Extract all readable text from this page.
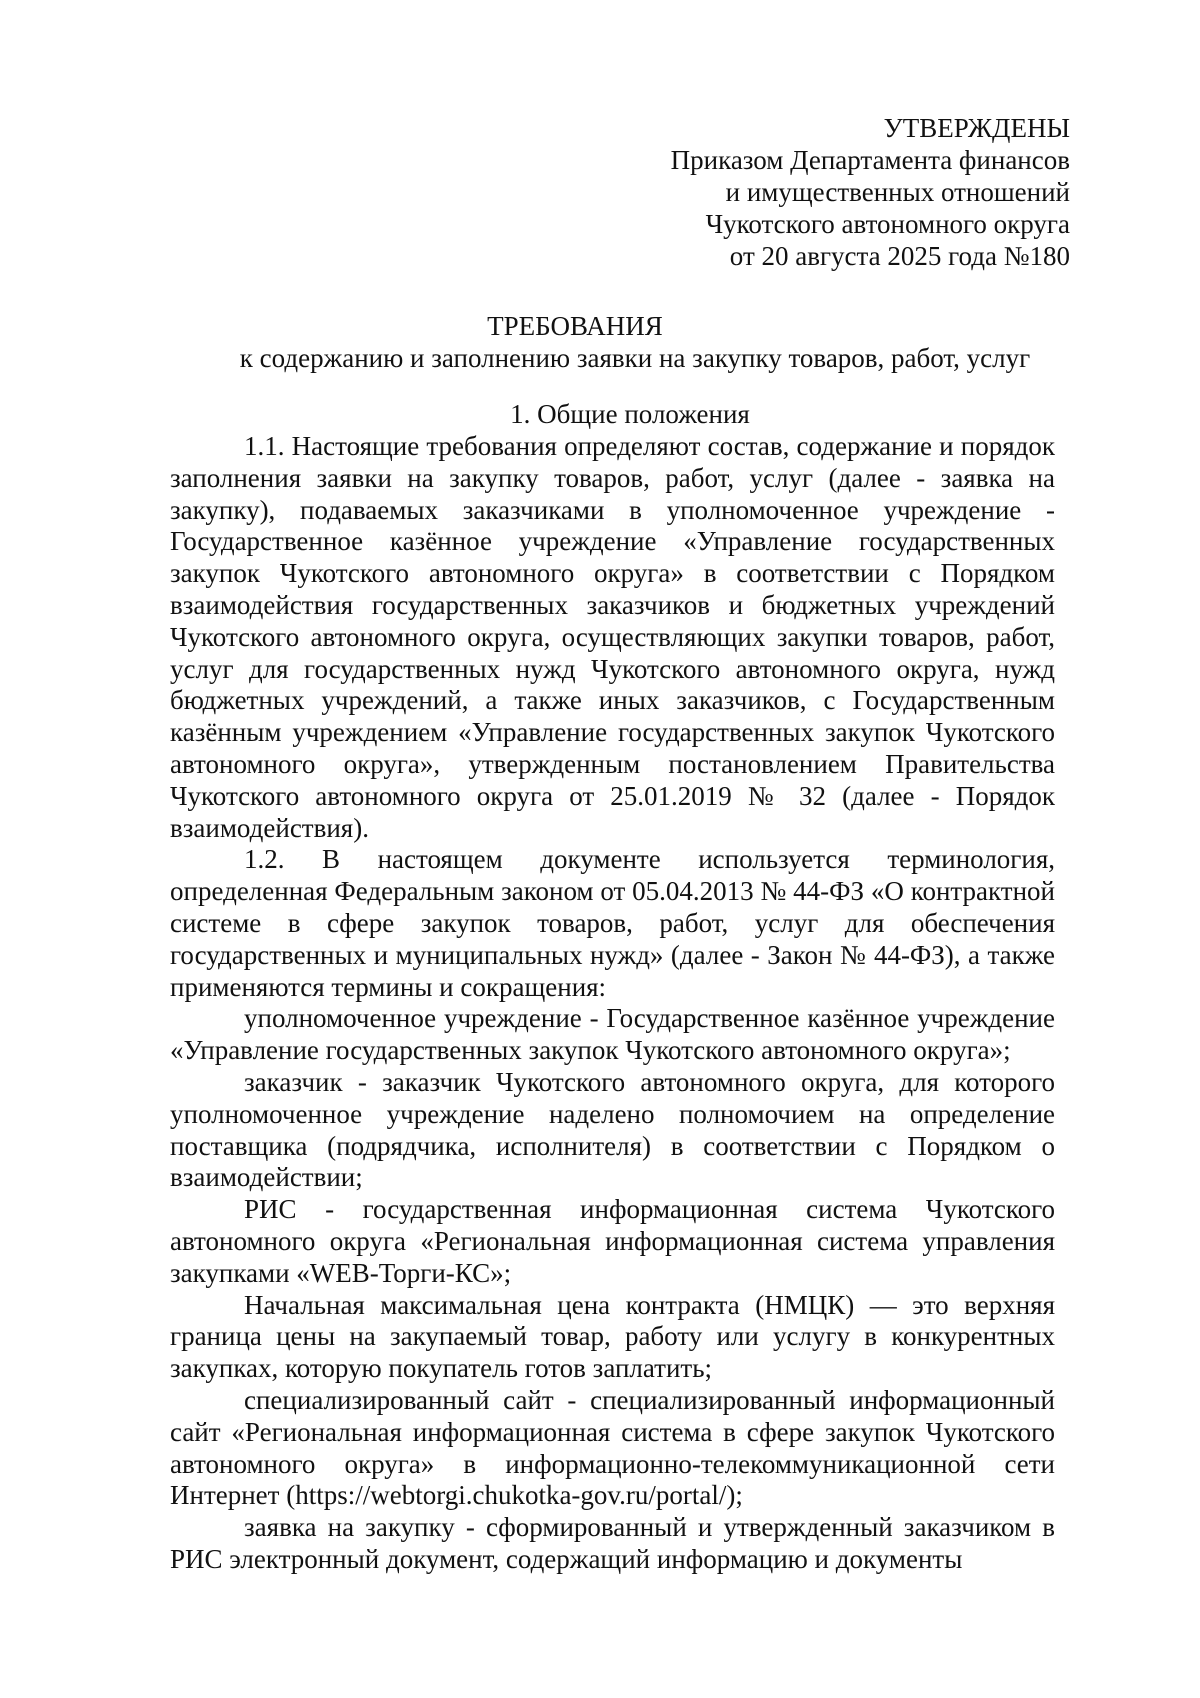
УТВЕРЖДЕНЫ
Приказом Департамента финансов
и имущественных отношений
Чукотского автономного округа
от 20 августа 2025 года №180
ТРЕБОВАНИЯ
к содержанию и заполнению заявки на закупку товаров, работ, услуг
1. Общие положения

1.1. Настоящие требования определяют состав, содержание и порядок заполнения заявки на закупку товаров, работ, услуг (далее - заявка на закупку), подаваемых заказчиками в уполномоченное учреждение - Государственное казённое учреждение «Управление государственных закупок Чукотского автономного округа» в соответствии с Порядком взаимодействия государственных заказчиков и бюджетных учреждений Чукотского автономного округа, осуществляющих закупки товаров, работ, услуг для государственных нужд Чукотского автономного округа, нужд бюджетных учреждений, а также иных заказчиков, с Государственным казённым учреждением «Управление государственных закупок Чукотского автономного округа», утвержденным постановлением Правительства Чукотского автономного округа от 25.01.2019 № 32 (далее - Порядок взаимодействия).

1.2. В настоящем документе используется терминология, определенная Федеральным законом от 05.04.2013 № 44-ФЗ «О контрактной системе в сфере закупок товаров, работ, услуг для обеспечения государственных и муниципальных нужд» (далее - Закон № 44-ФЗ), а также применяются термины и сокращения:

уполномоченное учреждение - Государственное казённое учреждение «Управление государственных закупок Чукотского автономного округа»;

заказчик - заказчик Чукотского автономного округа, для которого уполномоченное учреждение наделено полномочием на определение поставщика (подрядчика, исполнителя) в соответствии с Порядком о взаимодействии;

РИС - государственная информационная система Чукотского автономного округа «Региональная информационная система управления закупками «WEB-Торги-КС»;

Начальная максимальная цена контракта (НМЦК) — это верхняя граница цены на закупаемый товар, работу или услугу в конкурентных закупках, которую покупатель готов заплатить;

специализированный сайт - специализированный информационный сайт «Региональная информационная система в сфере закупок Чукотского автономного округа» в информационно-телекоммуникационной сети Интернет (https://webtorgi.chukotka-gov.ru/portal/);

заявка на закупку - сформированный и утвержденный заказчиком в РИС электронный документ, содержащий информацию и документы
